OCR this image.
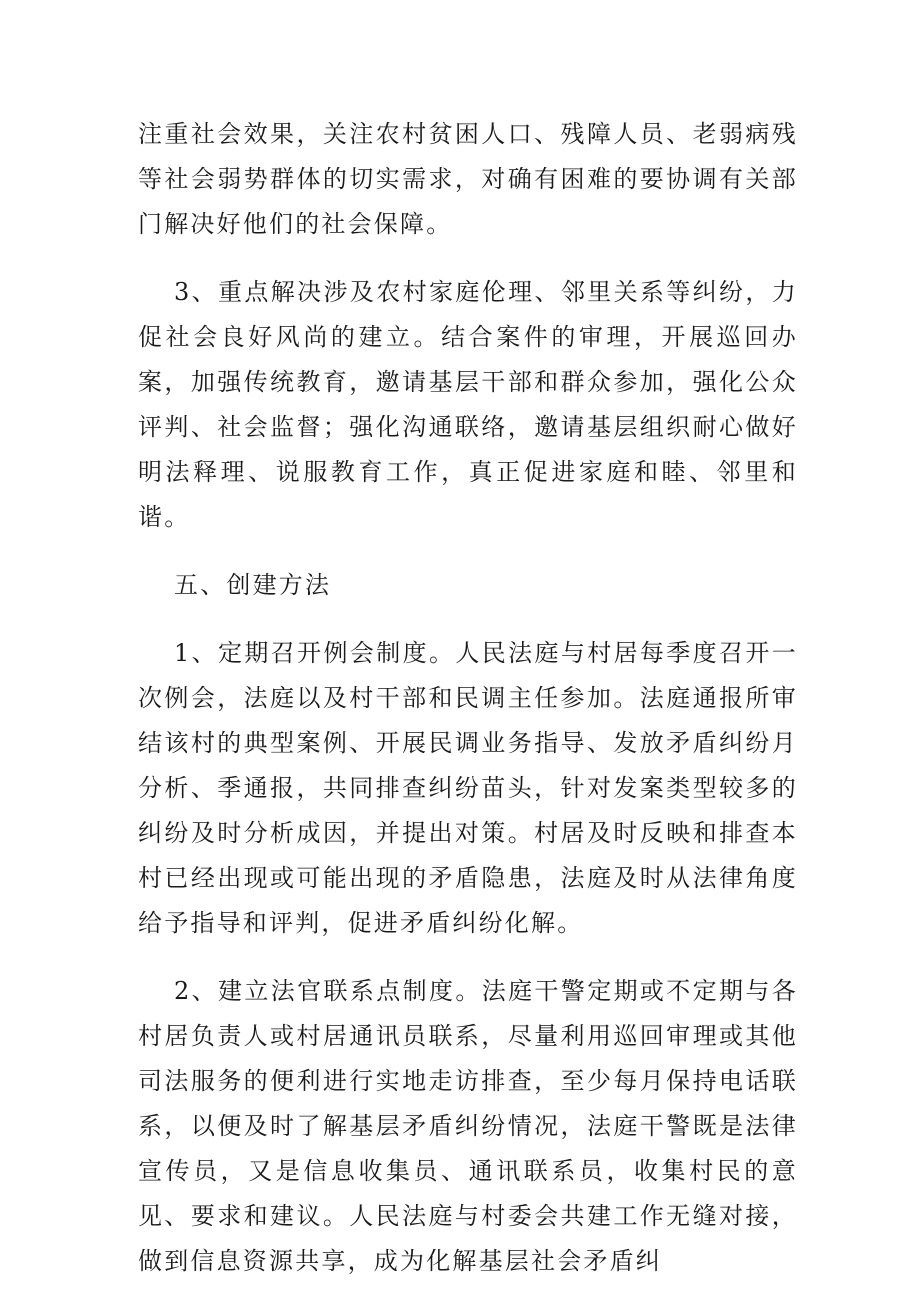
注重社会效果，关注农村贫困人口、残障人员、老弱病残等社会弱势群体的切实需求，对确有困难的要协调有关部门解决好他们的社会保障。

3、重点解决涉及农村家庭伦理、邻里关系等纠纷，力促社会良好风尚的建立。结合案件的审理，开展巡回办案，加强传统教育，邀请基层干部和群众参加，强化公众评判、社会监督；强化沟通联络，邀请基层组织耐心做好明法释理、说服教育工作，真正促进家庭和睦、邻里和谐。

五、创建方法

1、定期召开例会制度。人民法庭与村居每季度召开一次例会，法庭以及村干部和民调主任参加。法庭通报所审结该村的典型案例、开展民调业务指导、发放矛盾纠纷月分析、季通报，共同排查纠纷苗头，针对发案类型较多的纠纷及时分析成因，并提出对策。村居及时反映和排查本村已经出现或可能出现的矛盾隐患，法庭及时从法律角度给予指导和评判，促进矛盾纠纷化解。

2、建立法官联系点制度。法庭干警定期或不定期与各村居负责人或村居通讯员联系，尽量利用巡回审理或其他司法服务的便利进行实地走访排查，至少每月保持电话联系，以便及时了解基层矛盾纠纷情况，法庭干警既是法律宣传员，又是信息收集员、通讯联系员，收集村民的意见、要求和建议。人民法庭与村委会共建工作无缝对接，做到信息资源共享，成为化解基层社会矛盾纠
